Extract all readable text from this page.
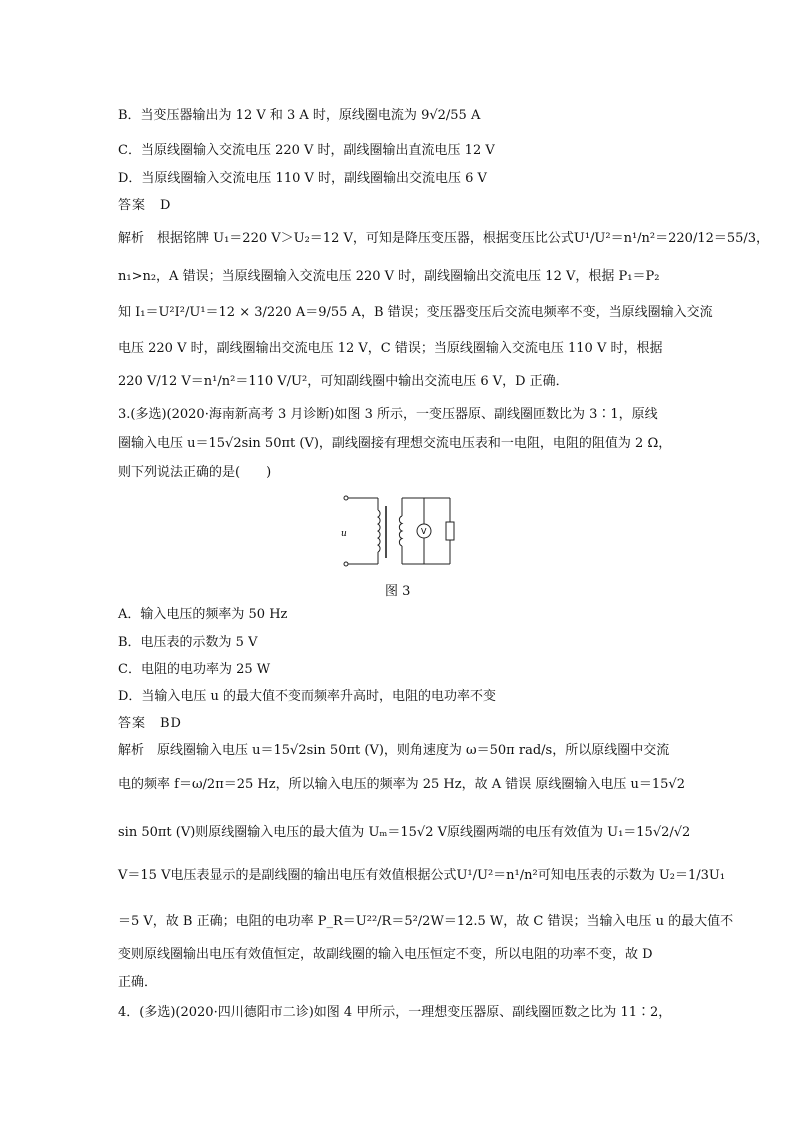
B．当变压器输出为 12 V 和 3 A 时，原线圈电流为 9√2/55 A
C．当原线圈输入交流电压 220 V 时，副线圈输出直流电压 12 V
D．当原线圈输入交流电压 110 V 时，副线圈输出交流电压 6 V
答案　D
解析　根据铭牌 U₁＝220 V＞U₂＝12 V，可知是降压变压器，根据变压比公式U¹/U²＝n¹/n²＝220/12＝55/3，
n₁>n₂，A 错误；当原线圈输入交流电压 220 V 时，副线圈输出交流电压 12 V，根据 P₁＝P₂
知 I₁＝U²I²/U¹＝12 × 3/220 A＝9/55 A，B 错误；变压器变压后交流电频率不变，当原线圈输入交流
电压 220 V 时，副线圈输出交流电压 12 V，C 错误；当原线圈输入交流电压 110 V 时，根据
220 V/12 V＝n¹/n²＝110 V/U²，可知副线圈中输出交流电压 6 V，D 正确．
3.(多选)(2020·海南新高考 3 月诊断)如图 3 所示，一变压器原、副线圈匝数比为 3∶1，原线
圈输入电压 u＝15√2sin 50πt (V)，副线圈接有理想交流电压表和一电阻，电阻的阻值为 2 Ω，
则下列说法正确的是(　　)
u	V
图 3
A．输入电压的频率为 50 Hz
B．电压表的示数为 5 V
C．电阻的电功率为 25 W
D．当输入电压 u 的最大值不变而频率升高时，电阻的电功率不变
答案　BD
解析　原线圈输入电压 u＝15√2sin 50πt (V)，则角速度为 ω＝50π rad/s，所以原线圈中交流
电的频率 f＝ω/2π＝25 Hz，所以输入电压的频率为 25 Hz，故 A 错误 原线圈输入电压 u＝15√2
sin 50πt (V)则原线圈输入电压的最大值为 Uₘ＝15√2 V原线圈两端的电压有效值为 U₁＝15√2/√2
V＝15 V电压表显示的是副线圈的输出电压有效值根据公式U¹/U²＝n¹/n²可知电压表的示数为 U₂＝1/3U₁
＝5 V，故 B 正确；电阻的电功率 P_R＝U²²/R＝5²/2W＝12.5 W，故 C 错误；当输入电压 u 的最大值不
变则原线圈输出电压有效值恒定，故副线圈的输入电压恒定不变，所以电阻的功率不变，故 D
正确．
4．(多选)(2020·四川德阳市二诊)如图 4 甲所示，一理想变压器原、副线圈匝数之比为 11∶2，
